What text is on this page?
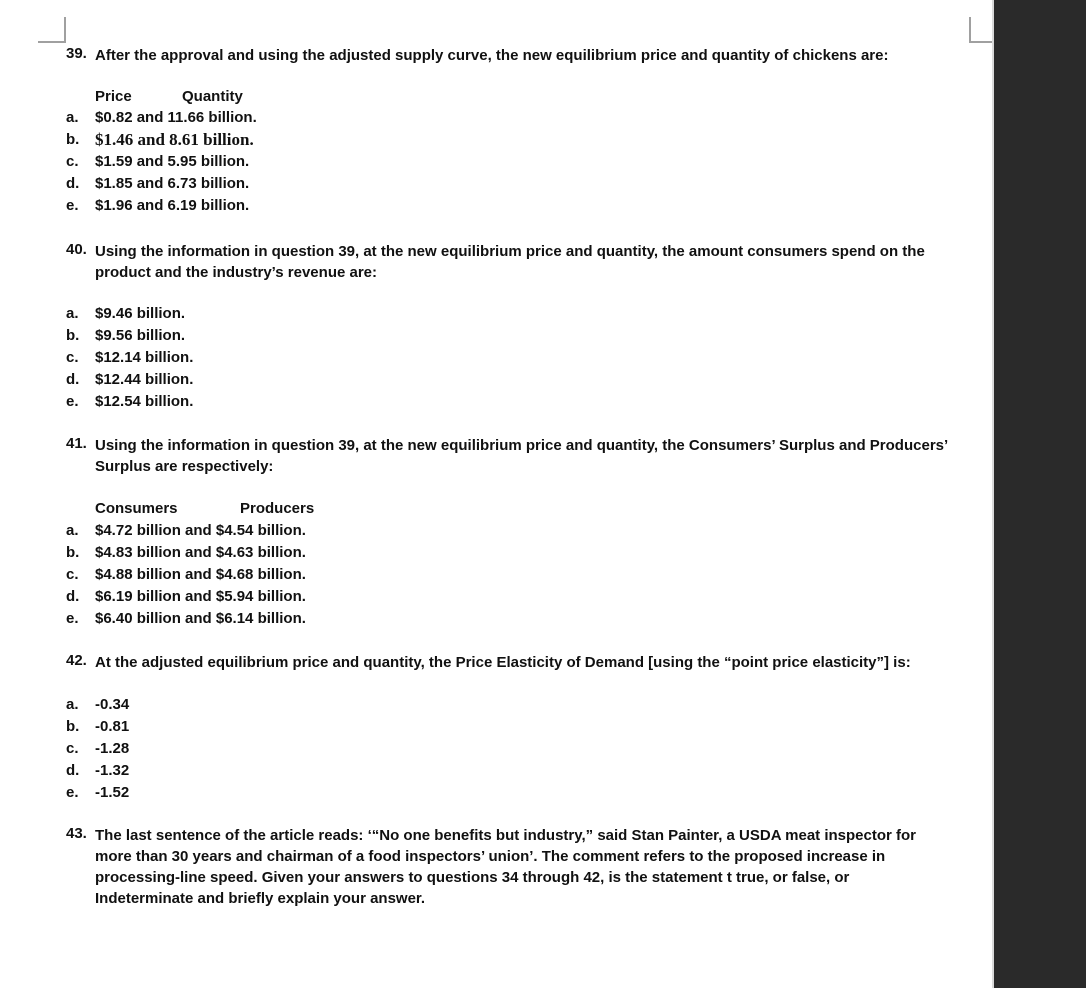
39. After the approval and using the adjusted supply curve, the new equilibrium price and quantity of chickens are:
Price	Quantity
a.	$0.82 and 11.66 billion.
b. $1.46 and 8.61 billion.
c.	$1.59 and 5.95 billion.
d.	$1.85 and 6.73 billion.
e.	$1.96 and 6.19 billion.
40. Using the information in question 39, at the new equilibrium price and quantity, the amount consumers spend on the product and the industry’s revenue are:
a.	$9.46 billion.
b.	$9.56 billion.
c.	$12.14 billion.
d.	$12.44 billion.
e.	$12.54 billion.
41. Using the information in question 39, at the new equilibrium price and quantity, the Consumers’ Surplus and Producers’ Surplus are respectively:
Consumers	Producers
a.	$4.72 billion and $4.54 billion.
b.	$4.83 billion and $4.63 billion.
c.	$4.88 billion and $4.68 billion.
d.	$6.19 billion and $5.94 billion.
e.	$6.40 billion and $6.14 billion.
42. At the adjusted equilibrium price and quantity, the Price Elasticity of Demand [using the “point price elasticity”] is:
a.	-0.34
b.	-0.81
c.	-1.28
d.	-1.32
e.	-1.52
43. The last sentence of the article reads: ‘“No one benefits but industry,” said Stan Painter, a USDA meat inspector for more than 30 years and chairman of a food inspectors’ union’. The comment refers to the proposed increase in processing-line speed. Given your answers to questions 34 through 42, is the statement t true, or false, or Indeterminate and briefly explain your answer.
